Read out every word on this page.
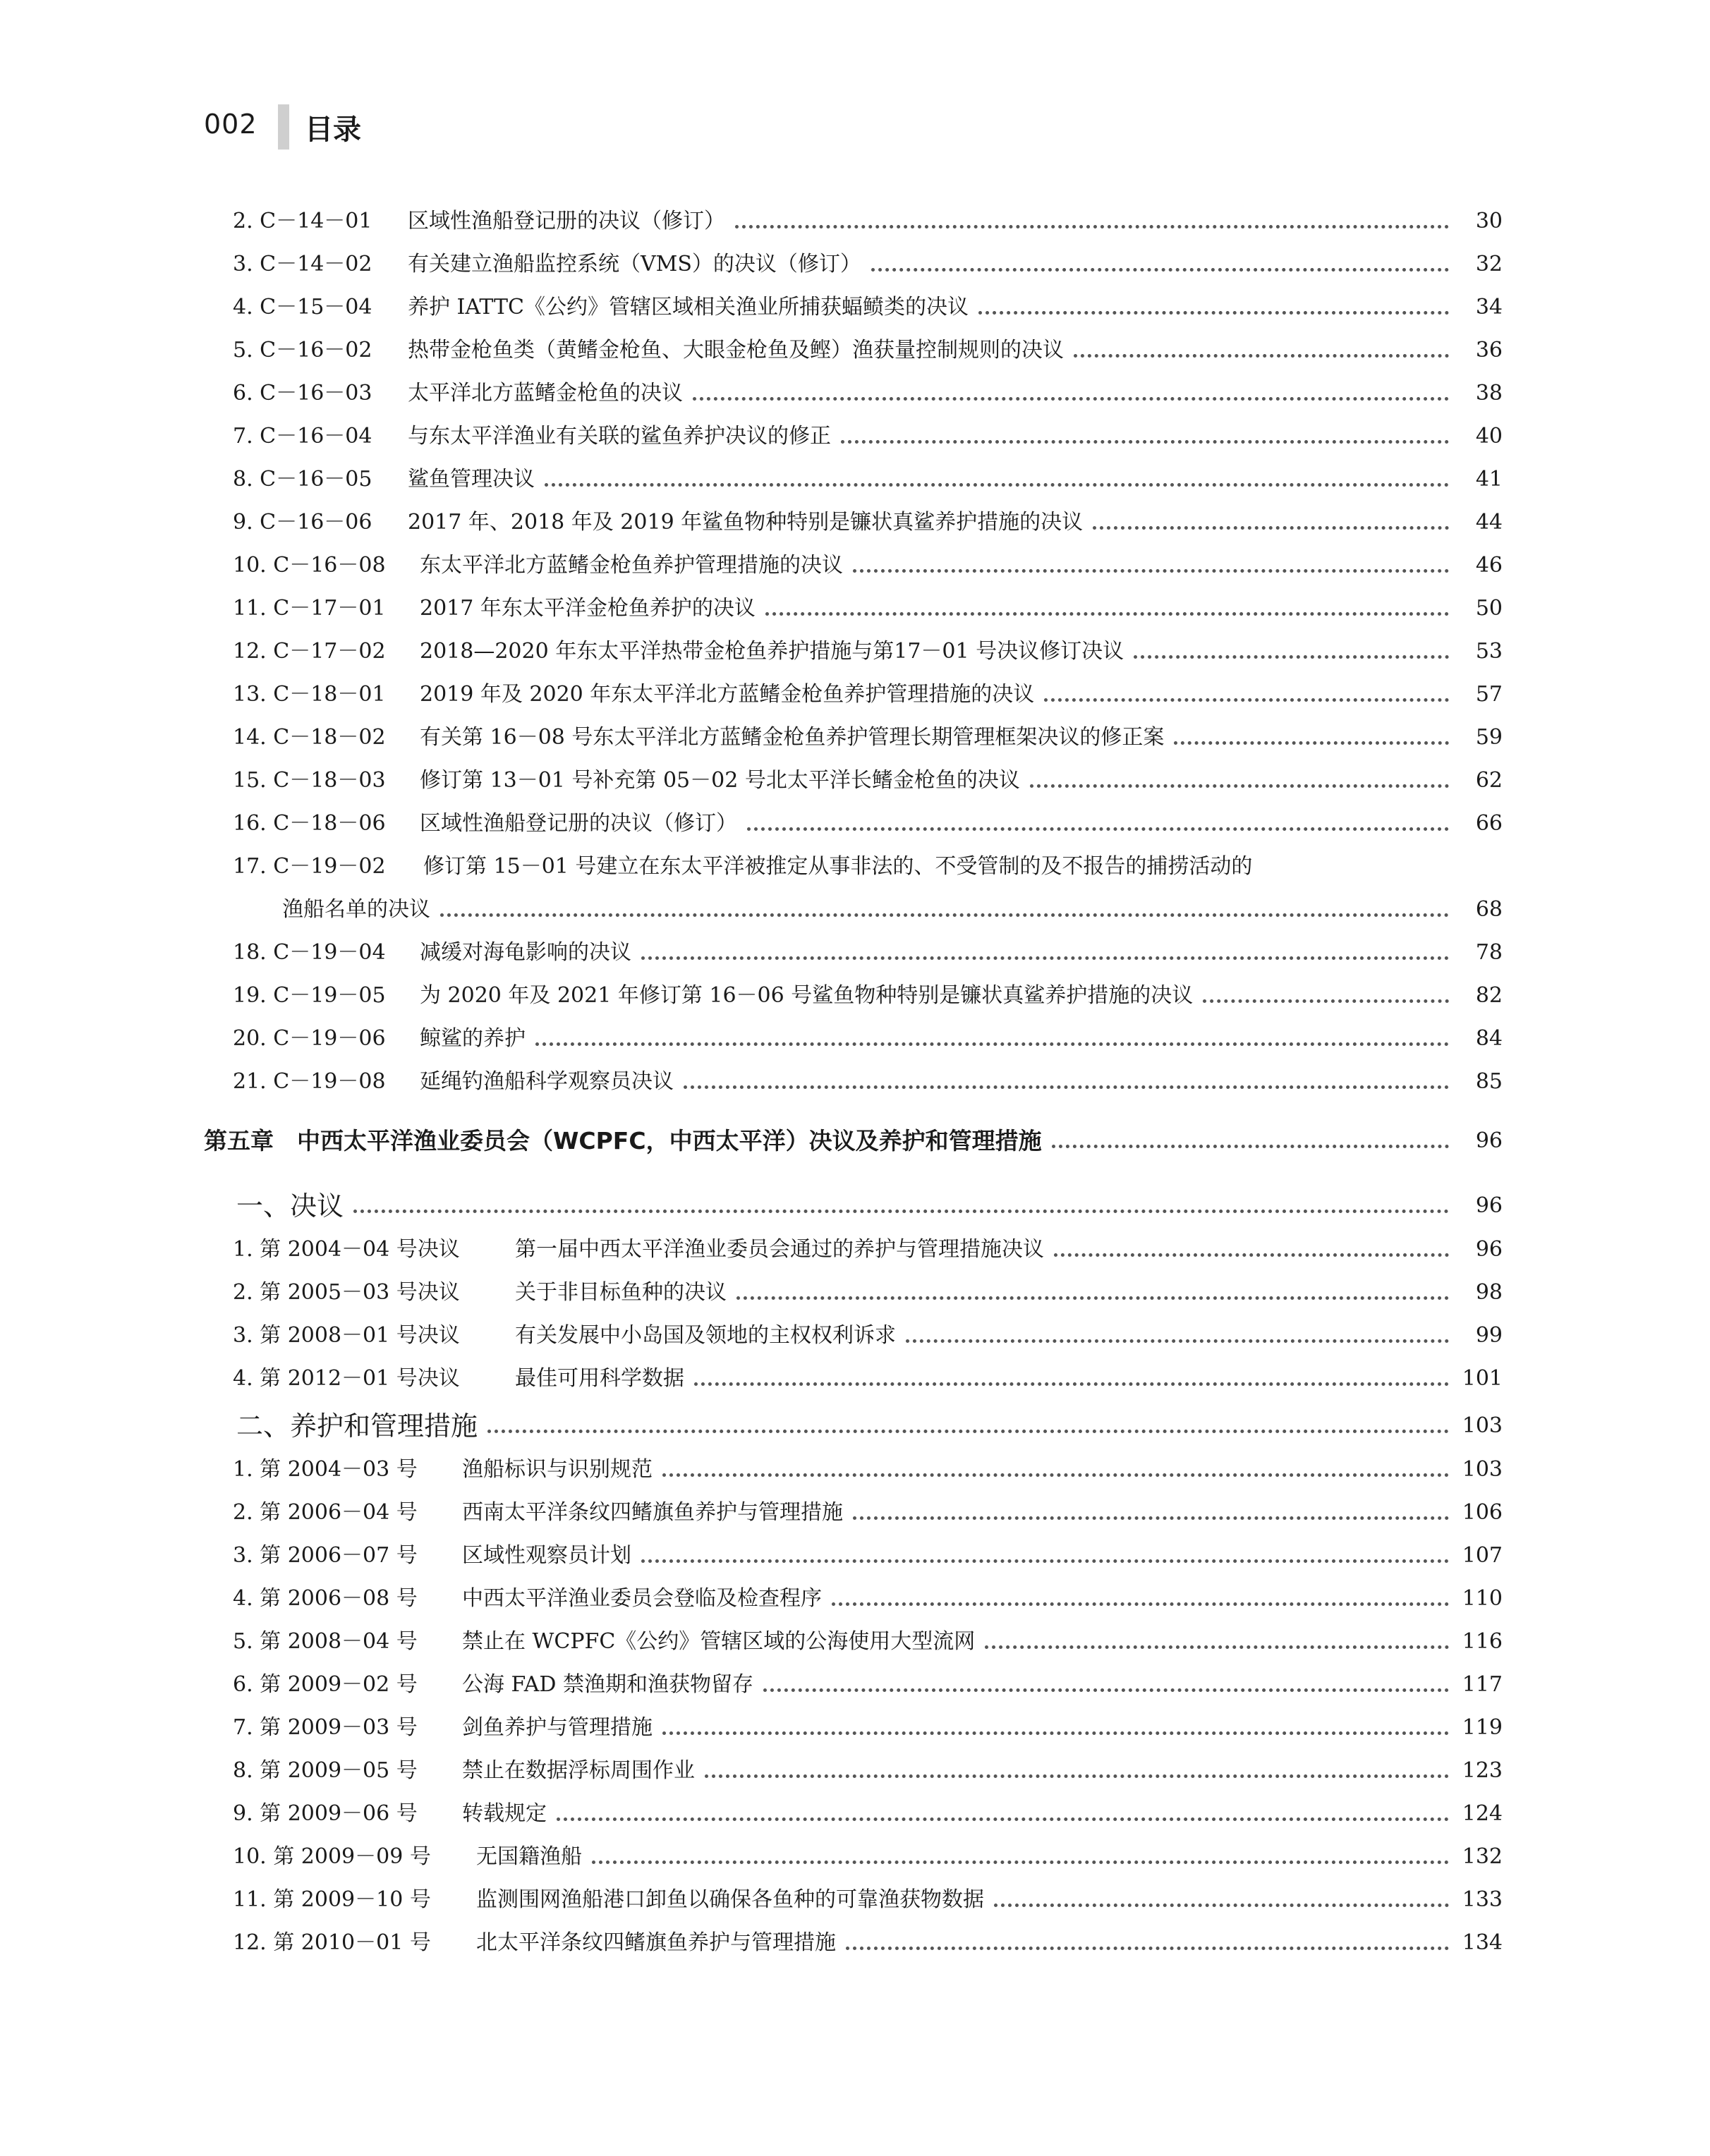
002 目录
2. C－14－01 区域性渔船登记册的决议（修订）	30
3. C－14－02 有关建立渔船监控系统（VMS）的决议（修订）	32
4. C－15－04 养护 IATTC《公约》管辖区域相关渔业所捕获蝠鲼类的决议	34
5. C－16－02 热带金枪鱼类（黄鳍金枪鱼、大眼金枪鱼及鲣）渔获量控制规则的决议	36
6. C－16－03 太平洋北方蓝鳍金枪鱼的决议	38
7. C－16－04 与东太平洋渔业有关联的鲨鱼养护决议的修正	40
8. C－16－05 鲨鱼管理决议	41
9. C－16－06 2017 年、2018 年及 2019 年鲨鱼物种特别是镰状真鲨养护措施的决议	44
10. C－16－08 东太平洋北方蓝鳍金枪鱼养护管理措施的决议	46
11. C－17－01 2017 年东太平洋金枪鱼养护的决议	50
12. C－17－02 2018—2020 年东太平洋热带金枪鱼养护措施与第17－01 号决议修订决议	53
13. C－18－01 2019 年及 2020 年东太平洋北方蓝鳍金枪鱼养护管理措施的决议	57
14. C－18－02 有关第 16－08 号东太平洋北方蓝鳍金枪鱼养护管理长期管理框架决议的修正案	59
15. C－18－03 修订第 13－01 号补充第 05－02 号北太平洋长鳍金枪鱼的决议	62
16. C－18－06 区域性渔船登记册的决议（修订）	66
17. C－19－02 修订第 15－01 号建立在东太平洋被推定从事非法的、不受管制的及不报告的捕捞活动的
渔船名单的决议	68
18. C－19－04 减缓对海龟影响的决议	78
19. C－19－05 为 2020 年及 2021 年修订第 16－06 号鲨鱼物种特别是镰状真鲨养护措施的决议	82
20. C－19－06 鲸鲨的养护	84
21. C－19－08 延绳钓渔船科学观察员决议	85
第五章　中西太平洋渔业委员会（WCPFC，中西太平洋）决议及养护和管理措施	96
一、决议	96
1. 第 2004－04 号决议	第一届中西太平洋渔业委员会通过的养护与管理措施决议	96
2. 第 2005－03 号决议	关于非目标鱼种的决议	98
3. 第 2008－01 号决议	有关发展中小岛国及领地的主权权利诉求	99
4. 第 2012－01 号决议	最佳可用科学数据	101
二、养护和管理措施	103
1. 第 2004－03 号 渔船标识与识别规范	103
2. 第 2006－04 号 西南太平洋条纹四鳍旗鱼养护与管理措施	106
3. 第 2006－07 号 区域性观察员计划	107
4. 第 2006－08 号 中西太平洋渔业委员会登临及检查程序	110
5. 第 2008－04 号 禁止在 WCPFC《公约》管辖区域的公海使用大型流网	116
6. 第 2009－02 号 公海 FAD 禁渔期和渔获物留存	117
7. 第 2009－03 号 剑鱼养护与管理措施	119
8. 第 2009－05 号 禁止在数据浮标周围作业	123
9. 第 2009－06 号 转载规定	124
10. 第 2009－09 号 无国籍渔船	132
11. 第 2009－10 号 监测围网渔船港口卸鱼以确保各鱼种的可靠渔获物数据	133
12. 第 2010－01 号 北太平洋条纹四鳍旗鱼养护与管理措施	134
